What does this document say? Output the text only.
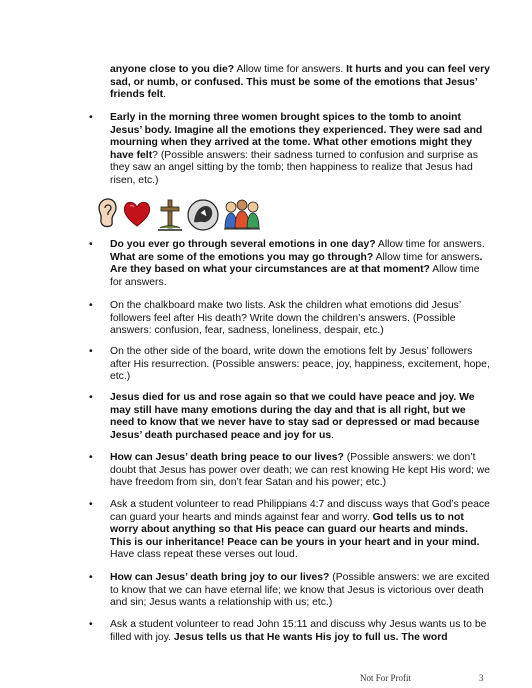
anyone close to you die? Allow time for answers. It hurts and you can feel very sad, or numb, or confused. This must be some of the emotions that Jesus’ friends felt.
• Early in the morning three women brought spices to the tomb to anoint Jesus’ body. Imagine all the emotions they experienced. They were sad and mourning when they arrived at the tome. What other emotions might they have felt? (Possible answers: their sadness turned to confusion and surprise as they saw an angel sitting by the tomb; then happiness to realize that Jesus had risen, etc.)
• Do you ever go through several emotions in one day? Allow time for answers. What are some of the emotions you may go through? Allow time for answers. Are they based on what your circumstances are at that moment? Allow time for answers.
• On the chalkboard make two lists. Ask the children what emotions did Jesus’ followers feel after His death? Write down the children’s answers. (Possible answers: confusion, fear, sadness, loneliness, despair, etc.)
• On the other side of the board, write down the emotions felt by Jesus’ followers after His resurrection. (Possible answers: peace, joy, happiness, excitement, hope, etc.)
• Jesus died for us and rose again so that we could have peace and joy. We may still have many emotions during the day and that is all right, but we need to know that we never have to stay sad or depressed or mad because Jesus’ death purchased peace and joy for us.
• How can Jesus’ death bring peace to our lives? (Possible answers: we don’t doubt that Jesus has power over death; we can rest knowing He kept His word; we have freedom from sin, don’t fear Satan and his power; etc.)
• Ask a student volunteer to read Philippians 4:7 and discuss ways that God’s peace can guard your hearts and minds against fear and worry. God tells us to not worry about anything so that His peace can guard our hearts and minds. This is our inheritance! Peace can be yours in your heart and in your mind. Have class repeat these verses out loud.
• How can Jesus’ death bring joy to our lives? (Possible answers: we are excited to know that we can have eternal life; we know that Jesus is victorious over death and sin; Jesus wants a relationship with us; etc.)
• Ask a student volunteer to read John 15:11 and discuss why Jesus wants us to be filled with joy. Jesus tells us that He wants His joy to full us. The word
Not For Profit	3
